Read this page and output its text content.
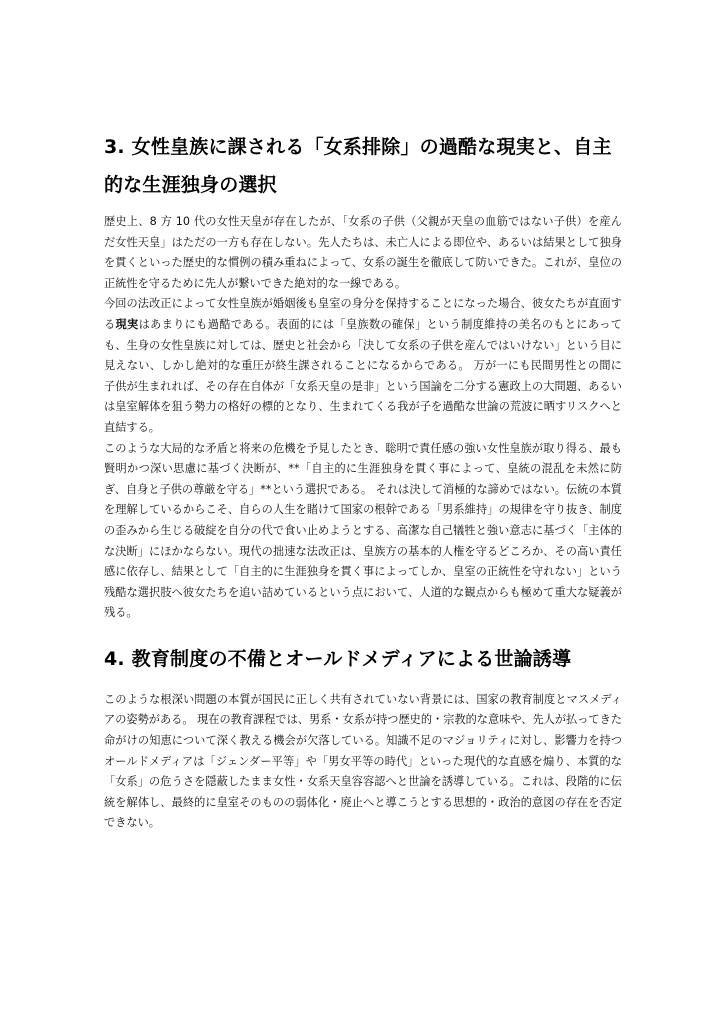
3. 女性皇族に課される「女系排除」の過酷な現実と、自主的な生涯独身の選択

歴史上、8 方 10 代の女性天皇が存在したが、「女系の子供（父親が天皇の血筋ではない子供）を産んだ女性天皇」はただの一方も存在しない。先人たちは、未亡人による即位や、あるいは結果として独身を貫くといった歴史的な慣例の積み重ねによって、女系の誕生を徹底して防いできた。これが、皇位の正統性を守るために先人が繋いできた絶対的な一線である。

今回の法改正によって女性皇族が婚姻後も皇室の身分を保持することになった場合、彼女たちが直面する現実はあまりにも過酷である。表面的には「皇族数の確保」という制度維持の美名のもとにあっても、生身の女性皇族に対しては、歴史と社会から「決して女系の子供を産んではいけない」という目に見えない、しかし絶対的な重圧が終生課されることになるからである。 万が一にも民間男性との間に子供が生まれれば、その存在自体が「女系天皇の是非」という国論を二分する憲政上の大問題、あるいは皇室解体を狙う勢力の格好の標的となり、生まれてくる我が子を過酷な世論の荒波に晒すリスクへと直結する。

このような大局的な矛盾と将来の危機を予見したとき、聡明で責任感の強い女性皇族が取り得る、最も賢明かつ深い思慮に基づく決断が、**「自主的に生涯独身を貫く事によって、皇統の混乱を未然に防ぎ、自身と子供の尊厳を守る」**という選択である。 それは決して消極的な諦めではない。伝統の本質を理解しているからこそ、自らの人生を賭けて国家の根幹である「男系維持」の規律を守り抜き、制度の歪みから生じる破綻を自分の代で食い止めようとする、高潔な自己犠牲と強い意志に基づく「主体的な決断」にほかならない。現代の拙速な法改正は、皇族方の基本的人権を守るどころか、その高い責任感に依存し、結果として「自主的に生涯独身を貫く事によってしか、皇室の正統性を守れない」という残酷な選択肢へ彼女たちを追い詰めているという点において、人道的な観点からも極めて重大な疑義が残る。

4. 教育制度の不備とオールドメディアによる世論誘導

このような根深い問題の本質が国民に正しく共有されていない背景には、国家の教育制度とマスメディアの姿勢がある。 現在の教育課程では、男系・女系が持つ歴史的・宗教的な意味や、先人が払ってきた命がけの知恵について深く教える機会が欠落している。知識不足のマジョリティに対し、影響力を持つオールドメディアは「ジェンダー平等」や「男女平等の時代」といった現代的な直感を煽り、本質的な「女系」の危うさを隠蔽したまま女性・女系天皇容容認へと世論を誘導している。これは、段階的に伝統を解体し、最終的に皇室そのものの弱体化・廃止へと導こうとする思想的・政治的意図の存在を否定できない。
